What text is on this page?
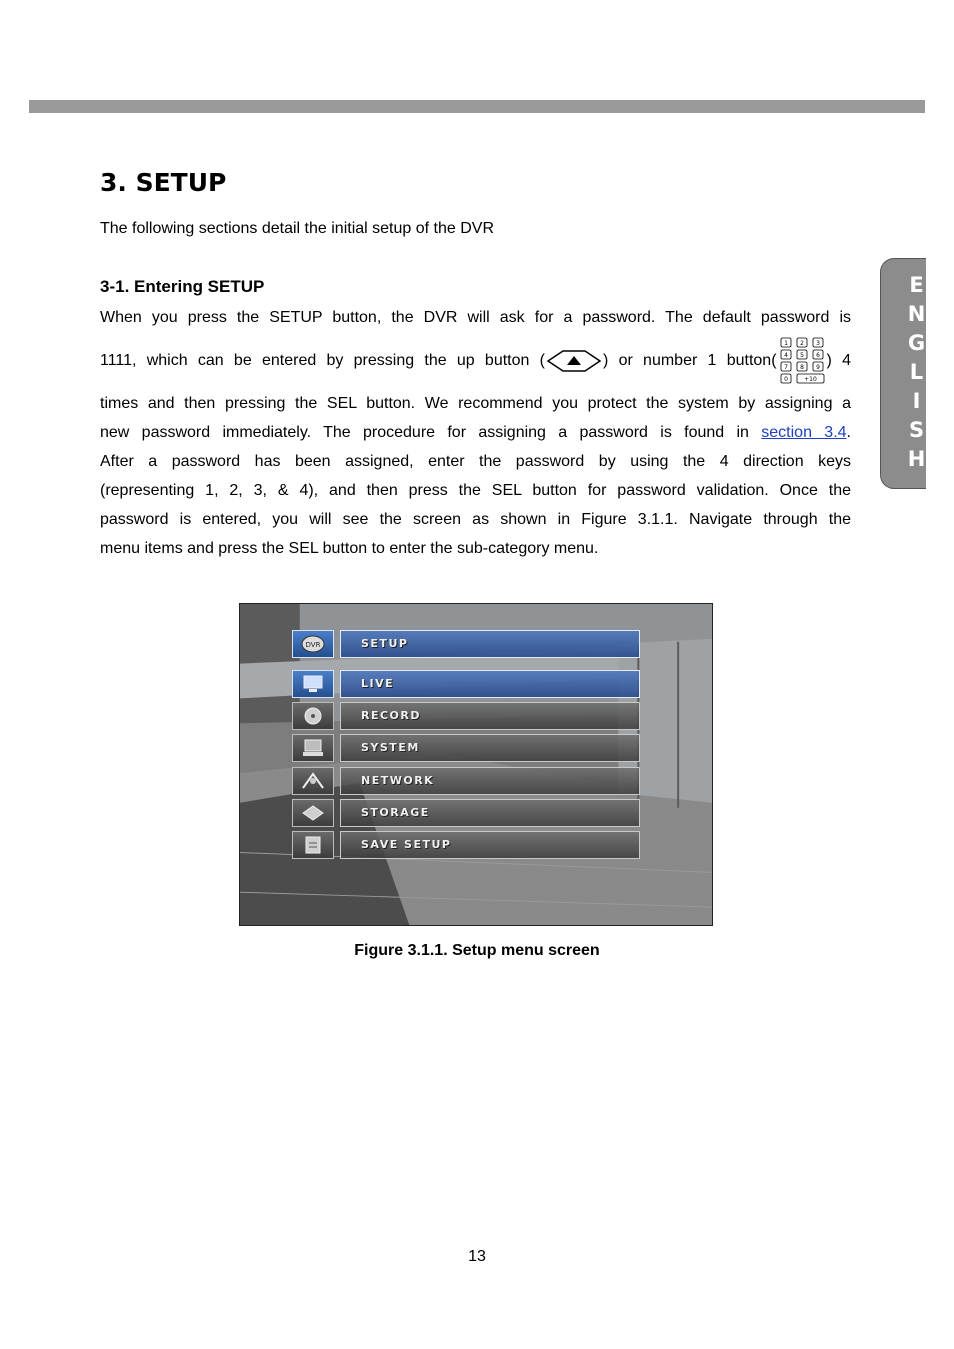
E
N
G
L
I
S
H
3. SETUP

The following sections detail the initial setup of the DVR

3-1. Entering SETUP
When you press the SETUP button, the DVR will ask for a password. The default password is
1111, which can be entered by pressing the up button (	) or number 1 button(
1 2 3
4 5 6
7 8 9
0	+10
) 4
times and then pressing the SEL button. We recommend you protect the system by assigning a
new password immediately. The procedure for assigning a password is found in section 3.4.
After a password has been assigned, enter the password by using the 4 direction keys
(representing 1, 2, 3, & 4), and then press the SEL button for password validation. Once the
password is entered, you will see the screen as shown in Figure 3.1.1. Navigate through the
menu items and press the SEL button to enter the sub-category menu.
DVR	SETUP
LIVE
RECORD
SYSTEM
NETWORK
STORAGE
SAVE SETUP

Figure 3.1.1. Setup menu screen

13
